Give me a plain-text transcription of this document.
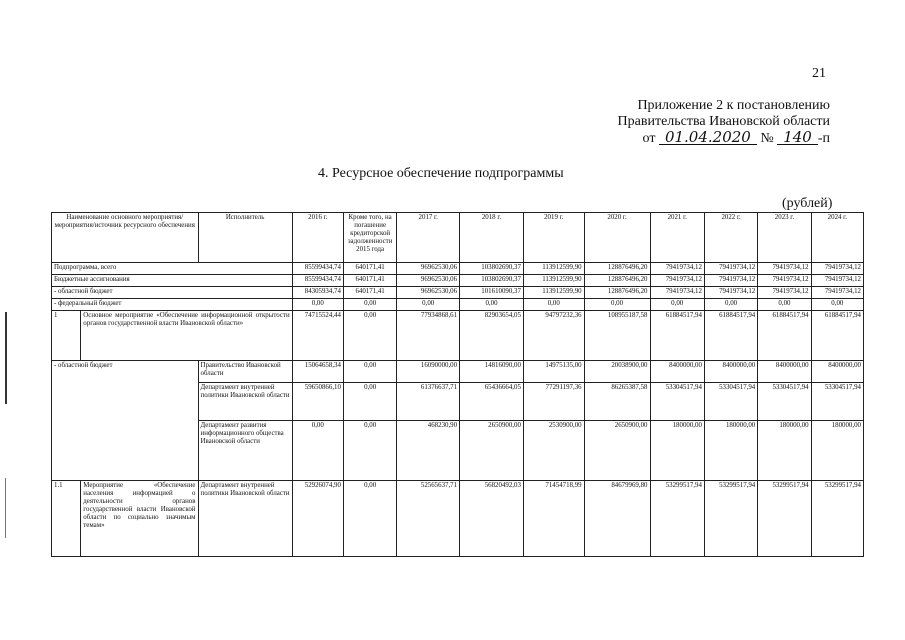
21
Приложение 2 к постановлению
Правительства Ивановской области
от 01.04.2020 № 140 -п
4. Ресурсное обеспечение подпрограммы
(рублей)
Наименование основного мероприятия/мероприятия/источник ресурсного обеспечения		Исполнитель	2016 г.	Кроме того, на погашение кредиторской задолженности 2015 года	2017 г.	2018 г.	2019 г.	2020 г.	2021 г.	2022 г.	2023 г.	2024 г.
Подпрограмма, всего			85599434,74	640171,41	96962530,06	103802690,37	113912599,90	128876496,20	79419734,12	79419734,12	79419734,12	79419734,12
Бюджетные ассигнования			85599434,74	640171,41	96962530,06	103802690,37	113912599,90	128876496,20	79419734,12	79419734,12	79419734,12	79419734,12
- областной бюджет			84305934,74	640171,41	96962530,06	101610090,37	113912599,90	128876496,20	79419734,12	79419734,12	79419734,12	79419734,12
- федеральный бюджет			0,00	0,00	0,00	0,00	0,00	0,00	0,00	0,00	0,00	0,00
1	Основное мероприятие «Обеспечение информационной открытости органов государственной власти Ивановской области»		74715524,44	0,00	77934868,61	82903654,05	94797232,36	108955187,58	61884517,94	61884517,94	61884517,94	61884517,94
- областной бюджет		Правительство Ивановской области	15064658,34	0,00	16090000,00	14816090,00	14975135,00	20038900,00	8400000,00	8400000,00	8400000,00	8400000,00
		Департамент внутренней политики Ивановской области	59650866,10	0,00	61376637,71	65436664,05	77291197,36	86265387,58	53304517,94	53304517,94	53304517,94	53304517,94
		Департамент развития информационного общества Ивановской области	0,00	0,00	468230,90	2650900,00	2530900,00	2650900,00	180000,00	180000,00	180000,00	180000,00
1.1	Мероприятие «Обеспечение населения информацией о деятельности органов государственной власти Ивановской области по социально значимым темам»	Департамент внутренней политики Ивановской области	52926074,90	0,00	52565637,71	56820492,03	71454718,99	84679969,80	53299517,94	53299517,94	53299517,94	53299517,94
